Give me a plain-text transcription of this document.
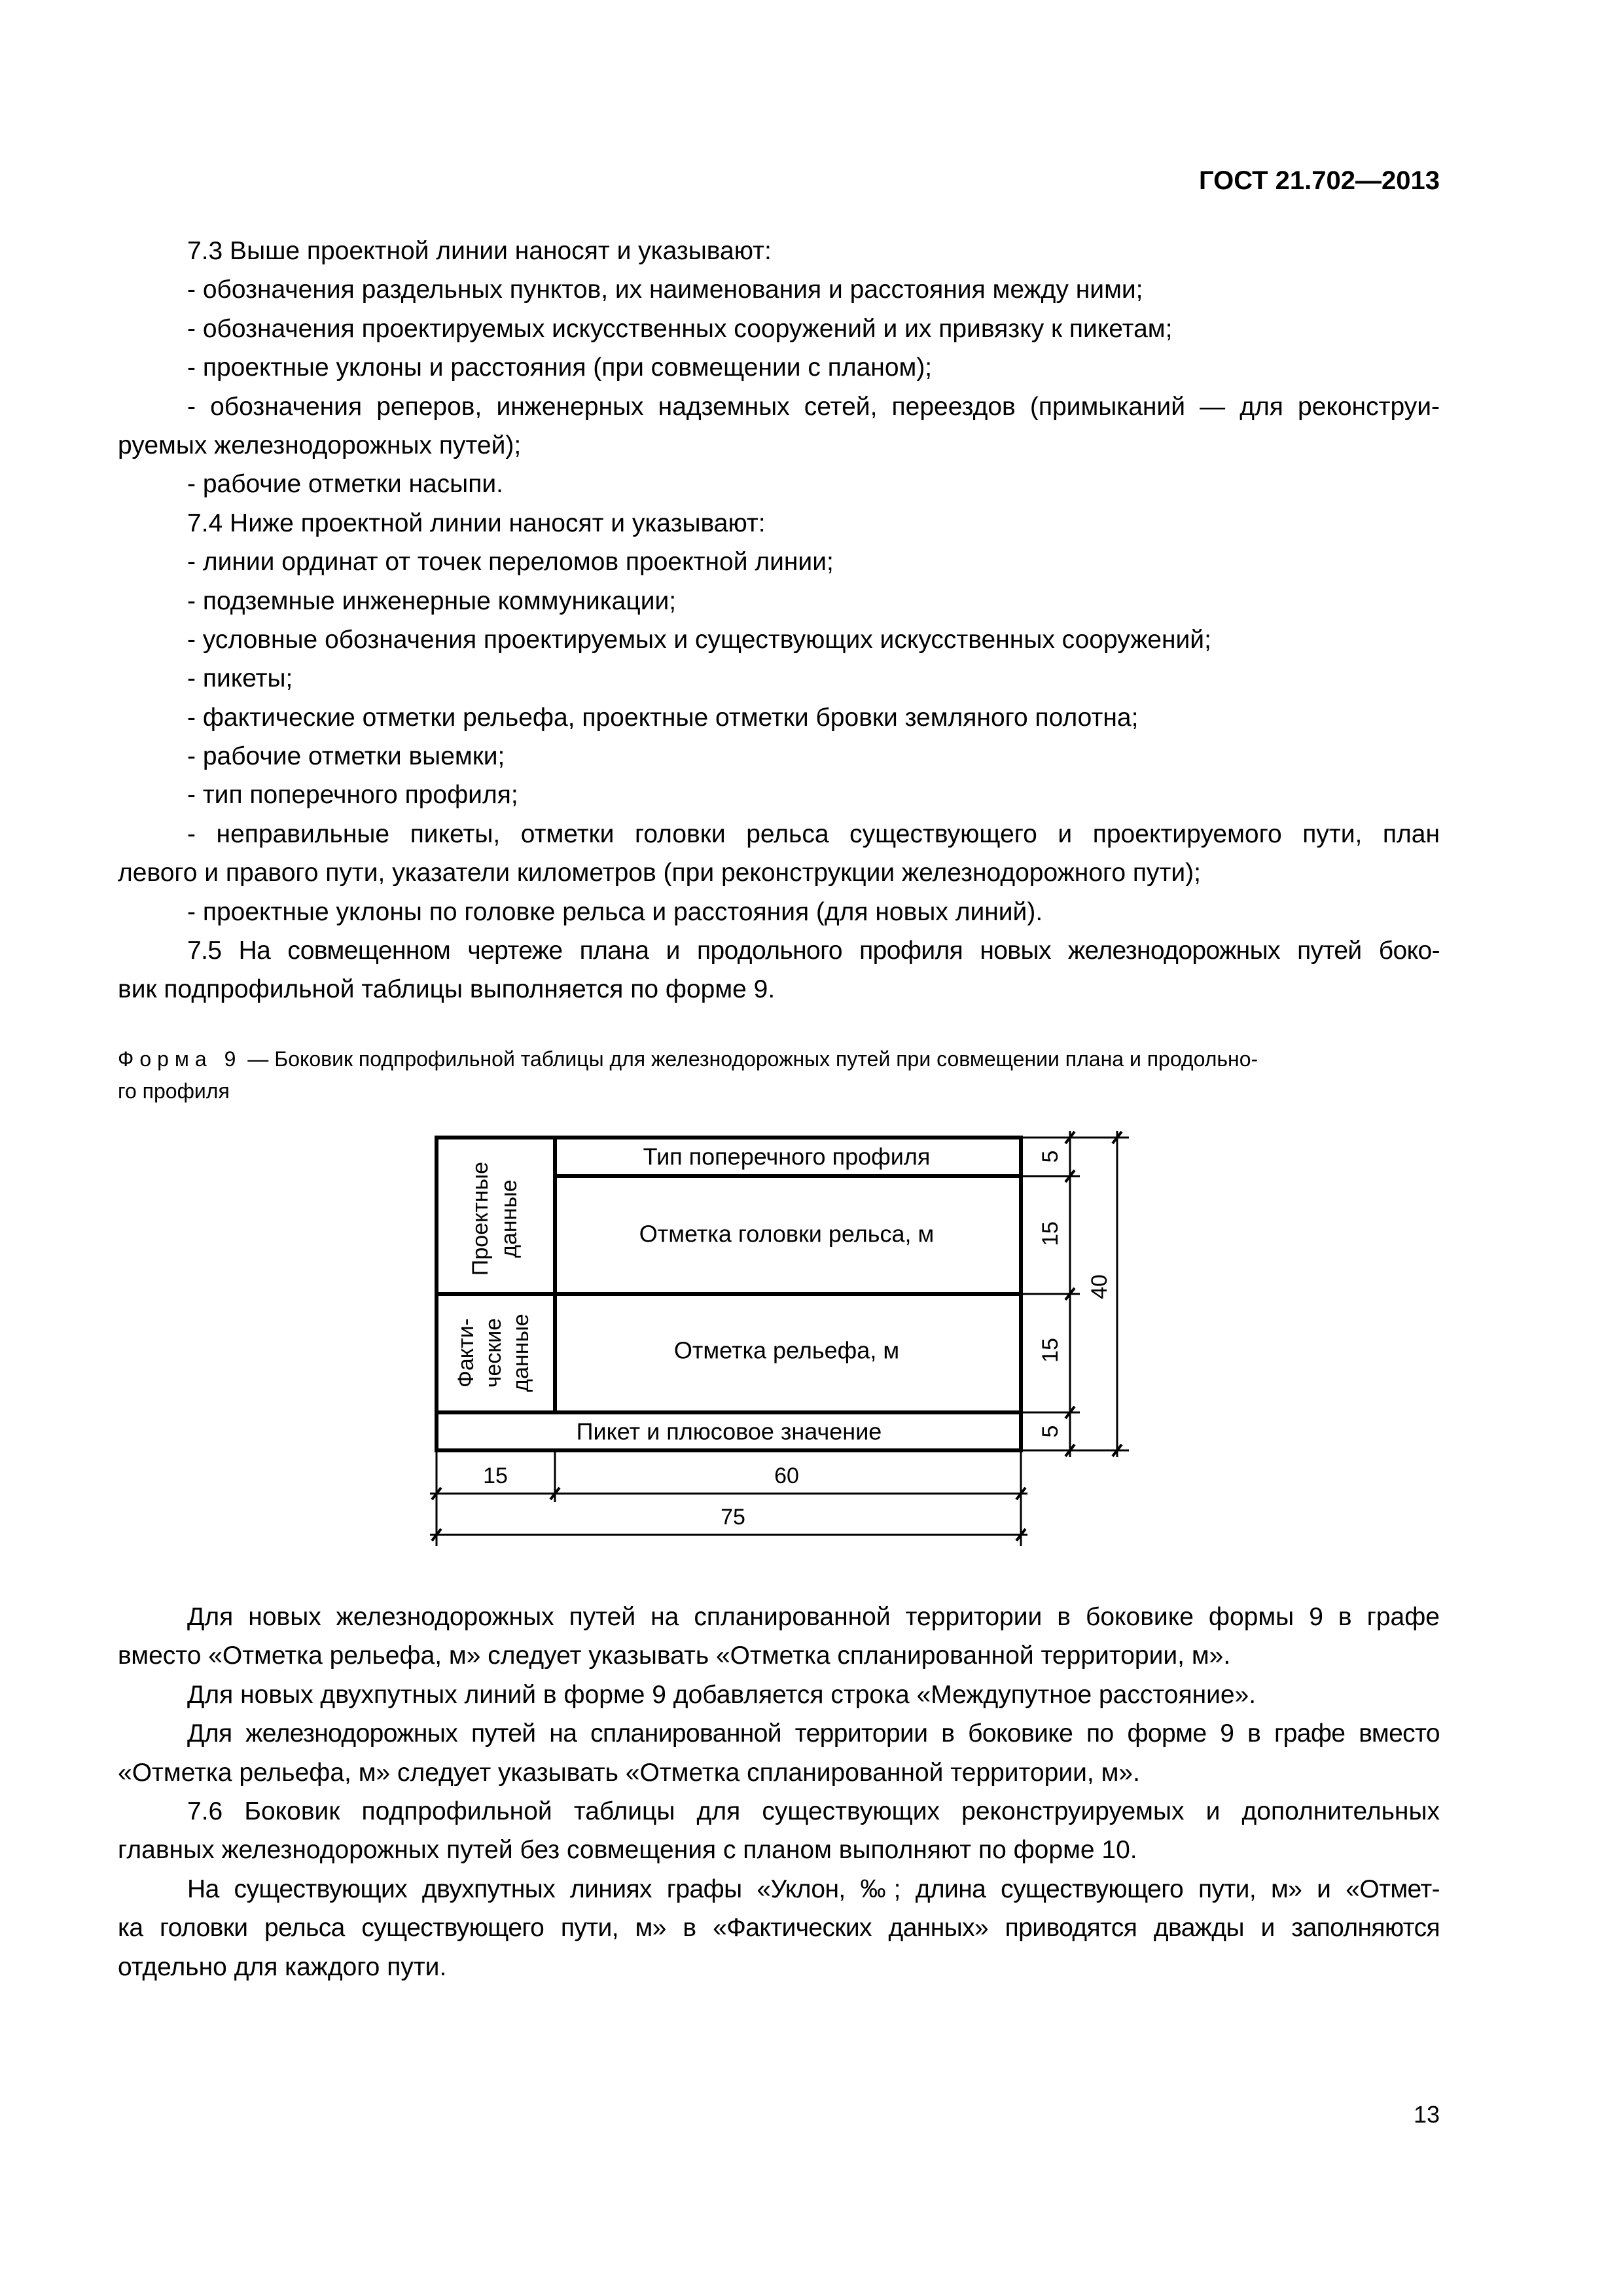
ГОСТ 21.702—2013
7.3 Выше проектной линии наносят и указывают:
- обозначения раздельных пунктов, их наименования и расстояния между ними;
- обозначения проектируемых искусственных сооружений и их привязку к пикетам;
- проектные уклоны и расстояния (при совмещении с планом);
- обозначения реперов, инженерных надземных сетей, переездов (примыканий — для реконструи-
руемых железнодорожных путей);
- рабочие отметки насыпи.
7.4 Ниже проектной линии наносят и указывают:
- линии ординат от точек переломов проектной линии;
- подземные инженерные коммуникации;
- условные обозначения проектируемых и существующих искусственных сооружений;
- пикеты;
- фактические отметки рельефа, проектные отметки бровки земляного полотна;
- рабочие отметки выемки;
- тип поперечного профиля;
- неправильные пикеты, отметки головки рельса существующего и проектируемого пути, план
левого и правого пути, указатели километров (при реконструкции железнодорожного пути);
- проектные уклоны по головке рельса и расстояния (для новых линий).
7.5 На совмещенном чертеже плана и продольного профиля новых железнодорожных путей боко-
вик подпрофильной таблицы выполняется по форме 9.
Форма 9 — Боковик подпрофильной таблицы для железнодорожных путей при совмещении плана и продольно-
го профиля
Тип поперечного профиля
Отметка головки рельса, м
Отметка рельефа, м
Пикет и плюсовое значение
Проектные данные
Факти- ческие данные
5
15
15
5
40
15	60
75
Для новых железнодорожных путей на спланированной территории в боковике формы 9 в графе
вместо «Отметка рельефа, м» следует указывать «Отметка спланированной территории, м».
Для новых двухпутных линий в форме 9 добавляется строка «Междупутное расстояние».
Для железнодорожных путей на спланированной территории в боковике по форме 9 в графе вместо
«Отметка рельефа, м» следует указывать «Отметка спланированной территории, м».
7.6 Боковик подпрофильной таблицы для существующих реконструируемых и дополнительных
главных железнодорожных путей без совмещения с планом выполняют по форме 10.
На существующих двухпутных линиях графы «Уклон, ‰; длина существующего пути, м» и «Отмет-
ка головки рельса существующего пути, м» в «Фактических данных» приводятся дважды и заполняются
отдельно для каждого пути.
13
